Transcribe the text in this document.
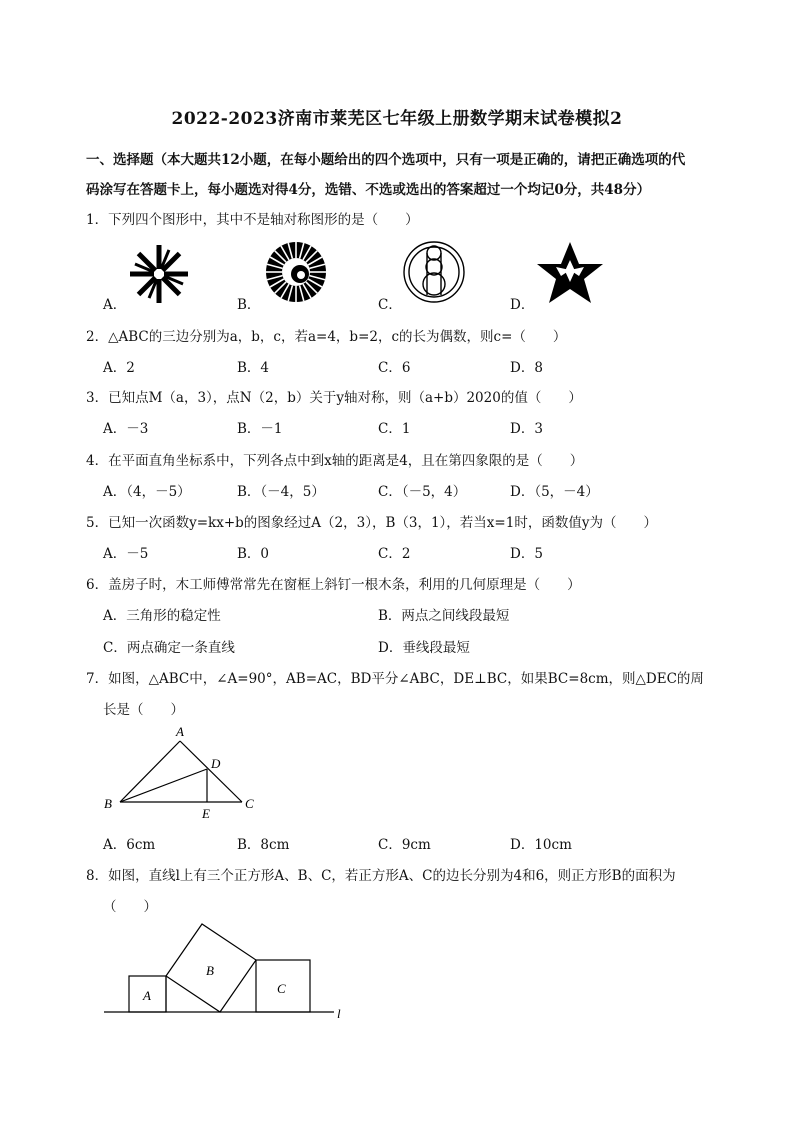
2022-2023济南市莱芜区七年级上册数学期末试卷模拟2
一、选择题（本大题共12小题，在每小题给出的四个选项中，只有一项是正确的，请把正确选项的代
码涂写在答题卡上，每小题选对得4分，选错、不选或选出的答案超过一个均记0分，共48分）
1．下列四个图形中，其中不是轴对称图形的是（　　）
A．	B．	C．	D．
2．△ABC的三边分别为a，b，c，若a=4，b=2，c的长为偶数，则c=（　　）
A．2	B．4	C．6	D．8
3．已知点M（a，3），点N（2，b）关于y轴对称，则（a+b）2020的值（　　）
A．－3	B．－1	C．1	D．3
4．在平面直角坐标系中，下列各点中到x轴的距离是4，且在第四象限的是（　　）
A．（4，－5）	B．（－4，5）	C．（－5，4）	D．（5，－4）
5．已知一次函数y=kx+b的图象经过A（2，3），B（3，1），若当x=1时，函数值y为（　　）
A．－5	B．0	C．2	D．5
6．盖房子时，木工师傅常常先在窗框上斜钉一根木条，利用的几何原理是（　　）
A．三角形的稳定性	B．两点之间线段最短
C．两点确定一条直线	D．垂线段最短
7．如图，△ABC中，∠A=90°，AB=AC，BD平分∠ABC，DE⊥BC，如果BC=8cm，则△DEC的周
长是（　　）
A
B	C
D
E
A．6cm	B．8cm	C．9cm	D．10cm
8．如图，直线l上有三个正方形A、B、C，若正方形A、C的边长分别为4和6，则正方形B的面积为
（　　）
A
B
C
l
